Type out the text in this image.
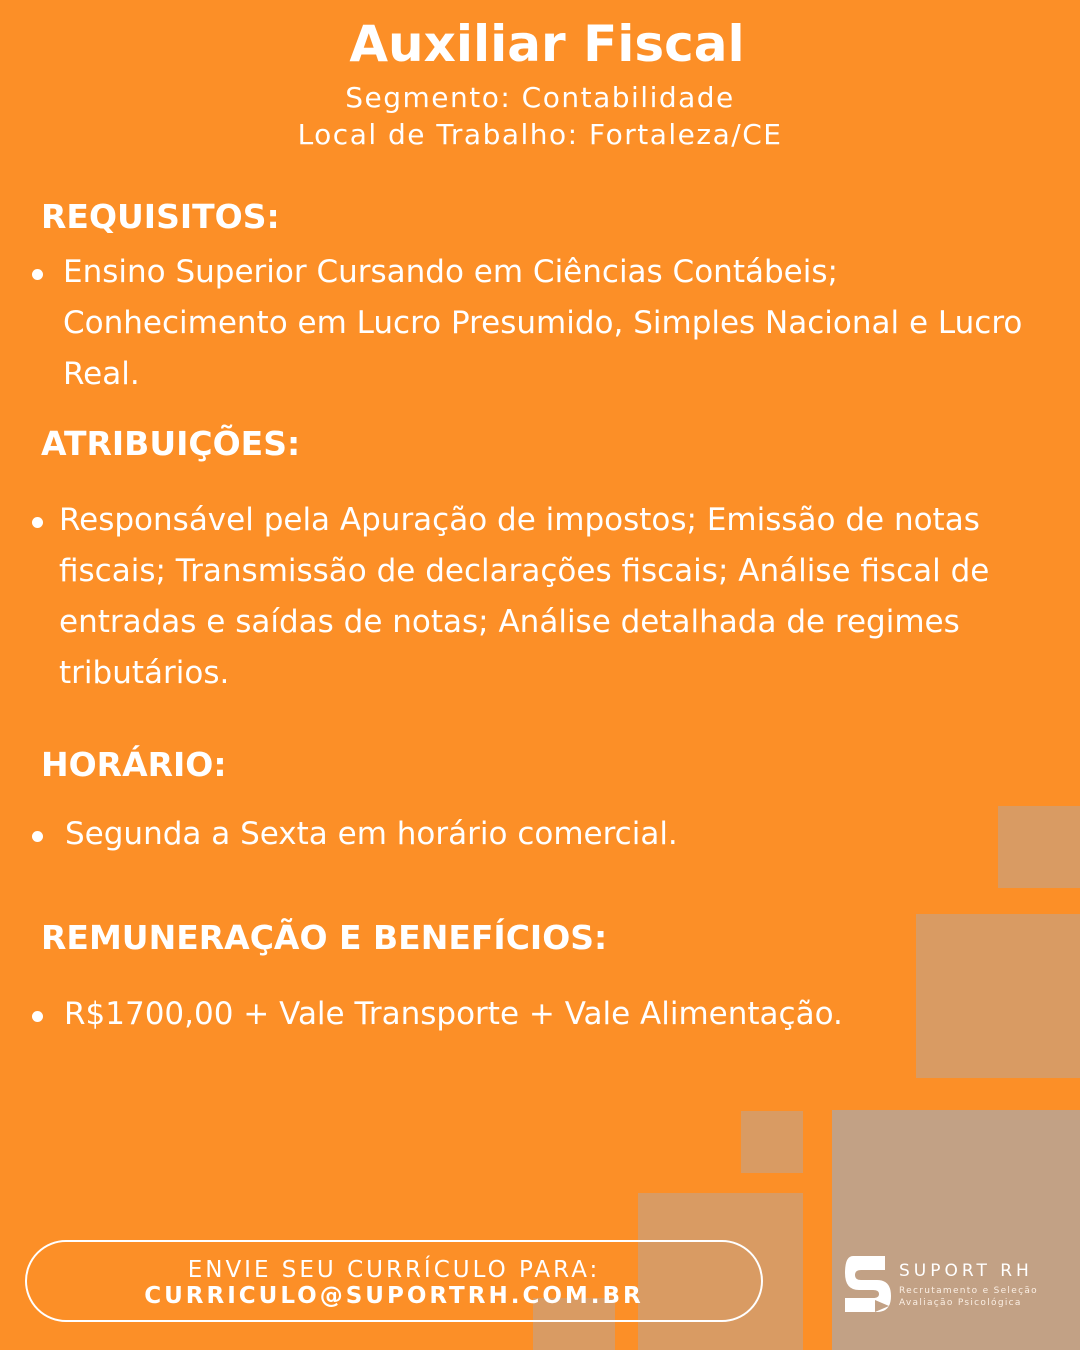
Auxiliar Fiscal
Segmento: Contabilidade
Local de Trabalho: Fortaleza/CE
REQUISITOS:

Ensino Superior Cursando em Ciências Contábeis; Conhecimento em Lucro Presumido, Simples Nacional e Lucro Real.

ATRIBUIÇÕES:

Responsável pela Apuração de impostos; Emissão de notas fiscais; Transmissão de declarações fiscais; Análise fiscal de entradas e saídas de notas; Análise detalhada de regimes tributários.

HORÁRIO:

Segunda a Sexta em horário comercial.

REMUNERAÇÃO E BENEFÍCIOS:

R$1700,00 + Vale Transporte + Vale Alimentação.

ENVIE SEU CURRÍCULO PARA:
CURRICULO@SUPORTRH.COM.BR
SUPORT RH
Recrutamento e Seleção
Avaliação Psicológica
